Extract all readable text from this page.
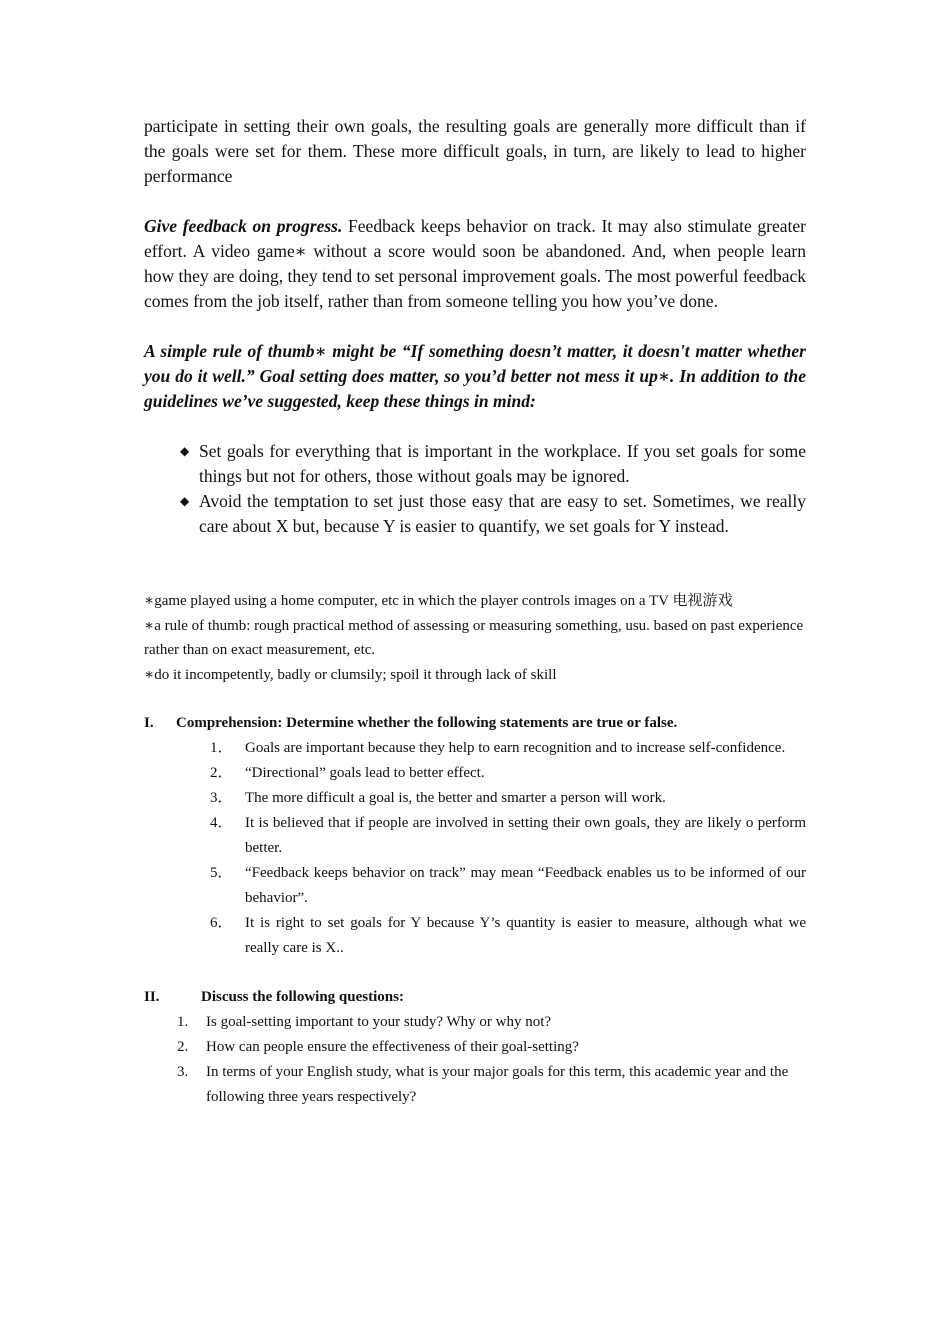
participate in setting their own goals, the resulting goals are generally more difficult than if the goals were set for them. These more difficult goals, in turn, are likely to lead to higher performance

Give feedback on progress. Feedback keeps behavior on track. It may also stimulate greater effort. A video game∗ without a score would soon be abandoned. And, when people learn how they are doing, they tend to set personal improvement goals. The most powerful feedback comes from the job itself, rather than from someone telling you how you’ve done.

A simple rule of thumb∗ might be “If something doesn’t matter, it doesn't matter whether you do it well.” Goal setting does matter, so you’d better not mess it up∗. In addition to the guidelines we’ve suggested, keep these things in mind:

◆ Set goals for everything that is important in the workplace. If you set goals for some things but not for others, those without goals may be ignored.
◆ Avoid the temptation to set just those easy that are easy to set. Sometimes, we really care about X but, because Y is easier to quantify, we set goals for Y instead.

∗game played using a home computer, etc in which the player controls images on a TV 电视游戏

∗a rule of thumb: rough practical method of assessing or measuring something, usu. based on past experience rather than on exact measurement, etc.

∗do it incompetently, badly or clumsily; spoil it through lack of skill

I.	Comprehension: Determine whether the following statements are true or false.
1． Goals are important because they help to earn recognition and to increase self-confidence.
2． “Directional” goals lead to better effect.
3． The more difficult a goal is, the better and smarter a person will work.
4． It is believed that if people are involved in setting their own goals, they are likely o perform better.
5． “Feedback keeps behavior on track” may mean “Feedback enables us to be informed of our behavior”.
6． It is right to set goals for Y because Y’s quantity is easier to measure, although what we really care is X..
II.	Discuss the following questions:
1. Is goal-setting important to your study? Why or why not?
2. How can people ensure the effectiveness of their goal-setting?
3. In terms of your English study, what is your major goals for this term, this academic year and the following three years respectively?
